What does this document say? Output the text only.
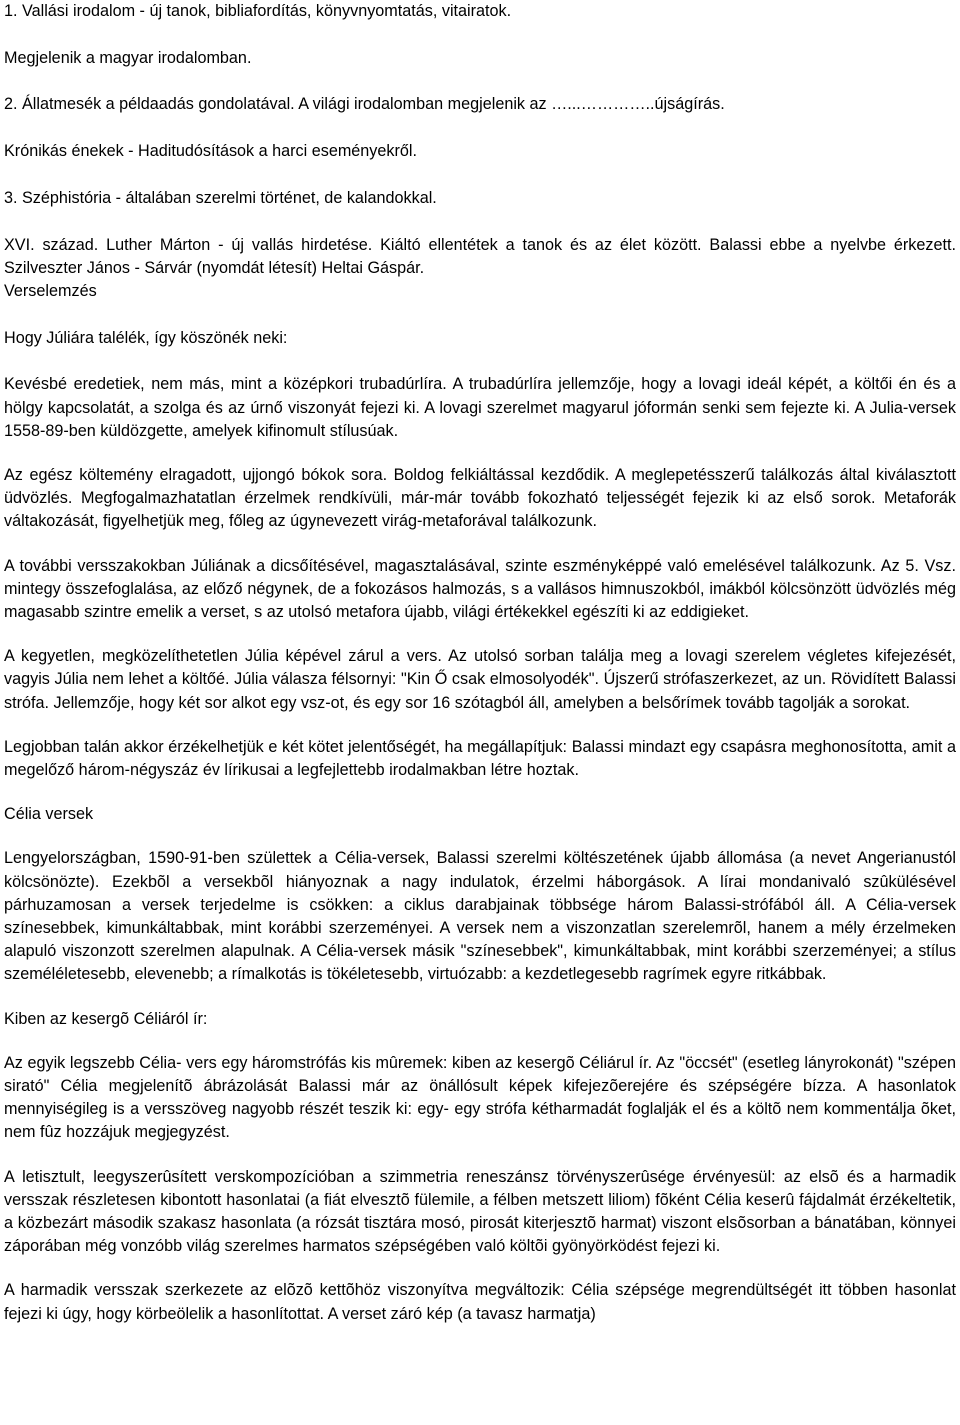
1. Vallási irodalom - új tanok, bibliafordítás, könyvnyomtatás, vitairatok.

Megjelenik a magyar irodalomban.

2. Állatmesék a példaadás gondolatával. A világi irodalomban megjelenik az …...…………..újságírás.

Krónikás énekek - Haditudósítások a harci eseményekről.

3. Széphistória - általában szerelmi történet, de kalandokkal.

XVI. század. Luther Márton - új vallás hirdetése. Kiáltó ellentétek a tanok és az élet között. Balassi ebbe a nyelvbe érkezett. Szilveszter János - Sárvár (nyomdát létesít) Heltai Gáspár.

Verselemzés

Hogy Júliára talélék, így köszönék neki:

Kevésbé eredetiek, nem más, mint a középkori trubadúrlíra. A trubadúrlíra jellemzője, hogy a lovagi ideál képét, a költői én és a hölgy kapcsolatát, a szolga és az úrnő viszonyát fejezi ki. A lovagi szerelmet magyarul jóformán senki sem fejezte ki. A Julia-versek 1558-89-ben küldözgette, amelyek kifinomult stílusúak.

Az egész költemény elragadott, ujjongó bókok sora. Boldog felkiáltással kezdődik. A meglepetésszerű találkozás által kiválasztott üdvözlés. Megfogalmazhatatlan érzelmek rendkívüli, már-már tovább fokozható teljességét fejezik ki az első sorok. Metaforák váltakozását, figyelhetjük meg, főleg az úgynevezett virág-metaforával találkozunk.

A további versszakokban Júliának a dicsőítésével, magasztalásával, szinte eszményképpé való emelésével találkozunk. Az 5. Vsz. mintegy összefoglalása, az előző négynek, de a fokozásos halmozás, s a vallásos himnuszokból, imákból kölcsönzött üdvözlés még magasabb szintre emelik a verset, s az utolsó metafora újabb, világi értékekkel egészíti ki az eddigieket.

A kegyetlen, megközelíthetetlen Júlia képével zárul a vers. Az utolsó sorban találja meg a lovagi szerelem végletes kifejezését, vagyis Júlia nem lehet a költőé. Júlia válasza félsornyi: "Kin Ő csak elmosolyodék". Újszerű strófaszerkezet, az un. Rövidített Balassi strófa. Jellemzője, hogy két sor alkot egy vsz-ot, és egy sor 16 szótagból áll, amelyben a belsőrímek tovább tagolják a sorokat.

Legjobban talán akkor érzékelhetjük e két kötet jelentőségét, ha megállapítjuk: Balassi mindazt egy csapásra meghonosította, amit a megelőző három-négyszáz év lírikusai a legfejlettebb irodalmakban létre hoztak.

Célia versek

Lengyelországban, 1590-91-ben születtek a Célia-versek, Balassi szerelmi költészetének újabb állomása (a nevet Angerianustól kölcsönözte). Ezekbõl a versekbõl hiányoznak a nagy indulatok, érzelmi háborgások. A lírai mondanivaló szûkülésével párhuzamosan a versek terjedelme is csökken: a ciklus darabjainak többsége három Balassi-strófából áll. A Célia-versek színesebbek, kimunkáltabbak, mint korábbi szerzeményei. A versek nem a viszonzatlan szerelemrõl, hanem a mély érzelmeken alapuló viszonzott szerelmen alapulnak. A Célia-versek másik "színesebbek", kimunkáltabbak, mint korábbi szerzeményei; a stílus személéletesebb, elevenebb; a rímalkotás is tökéletesebb, virtuózabb: a kezdetlegesebb ragrímek egyre ritkábbak.

Kiben az kesergõ Céliáról ír:

Az egyik legszebb Célia- vers egy háromstrófás kis mûremek: kiben az kesergõ Céliárul ír. Az "öccsét" (esetleg lányrokonát) "szépen sirató" Célia megjelenítõ ábrázolását Balassi már az önállósult képek kifejezõerejére és szépségére bízza. A hasonlatok mennyiségileg is a versszöveg nagyobb részét teszik ki: egy- egy strófa kétharmadát foglalják el és a költõ nem kommentálja õket, nem fûz hozzájuk megjegyzést.

A letisztult, leegyszerûsített verskompozícióban a szimmetria reneszánsz törvényszerûsége érvényesül: az elsõ és a harmadik versszak részletesen kibontott hasonlatai (a fiát elvesztõ fülemile, a félben metszett liliom) fõként Célia keserû fájdalmát érzékeltetik, a közbezárt második szakasz hasonlata (a rózsát tisztára mosó, pirosát kiterjesztõ harmat) viszont elsõsorban a bánatában, könnyei záporában még vonzóbb világ szerelmes harmatos szépségében való költõi gyönyörködést fejezi ki.

A harmadik versszak szerkezete az elõzõ kettõhöz viszonyítva megváltozik: Célia szépsége megrendültségét itt többen hasonlat fejezi ki úgy, hogy körbeölelik a hasonlítottat. A verset záró kép (a tavasz harmatja)
